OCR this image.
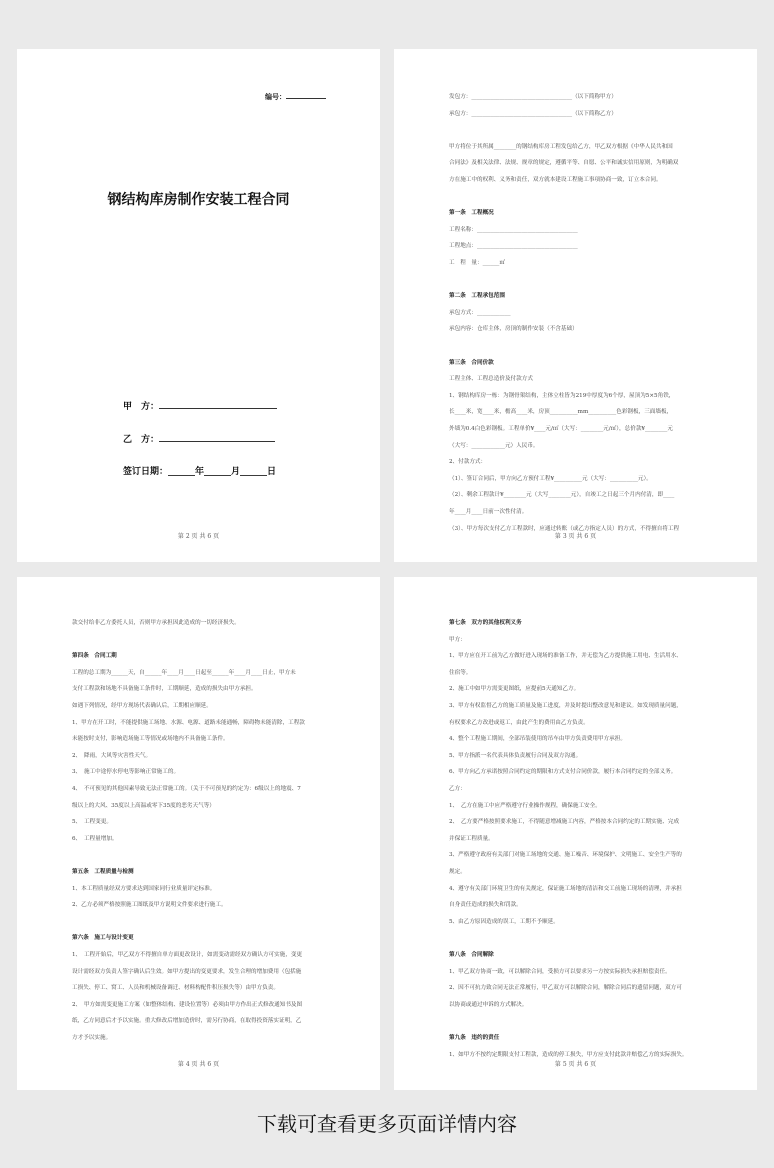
编号：
钢结构库房制作安装工程合同
甲　方：
乙　方：
签订日期：______年______月______日
第 2 页 共 6 页
发包方：____________________________________（以下简称甲方）
承包方：____________________________________（以下简称乙方）
甲方将位于其所属________的钢结构库房工程发包给乙方，甲乙双方根据《中华人民共和国
合同法》及相关法律、法规、规章的规定，遵循平等、自愿、公平和诚实信用原则，为明确双
方在施工中的权利、义务和责任，双方就本建设工程施工事项协商一致，订立本合同。
第一条　工程概况
工程名称：____________________________________
工程地点：____________________________________
工　程　量：______㎡
第二条　工程承包范围
承包方式：____________
承包内容：仓库主体，房顶的制作安装（不含基础）
第三条　合同价款
工程主体、工程总造价及付款方式
1、钢结构库房一栋：为钢骨架结构，主体立柱皆为219中厚度为6个厚，屋顶为5×5角铁，
长____米，宽____米，檐高____米，房顶__________mm__________色彩钢板，三面墙板，
外墙为0.4白色彩钢板。工程单价¥____元/㎡（大写：________元/㎡），总价款¥________元
（大写：____________元）人民币。
2、付款方式：
（1）、签订合同后，甲方向乙方预付工程¥__________元（大写：__________元）。
（2）、剩余工程款计¥________元（大写________元），自竣工之日起三个月内付清，即____
年____月____日前一次性付清。
（3）、甲方每次支付乙方工程款时，应通过转账（或乙方指定人员）的方式，不得擅自将工程
第 3 页 共 6 页
款交付给非乙方委托人员，否则甲方承担因此造成的一切经济损失。
第四条　合同工期
工程的总工期为______天，自______年____月____日起至______年____月____日止，甲方未
支付工程款和场地不具备施工条件时，工期顺延，造成的损失由甲方承担。
如遇下列情况，经甲方现场代表确认后，工期相应顺延。
1、甲方在开工时，不能提供施工场地、水源、电源、道路未能通畅，障碍物未能清除，工程款
未能按时支付，影响造场施工等情况或场地内不具备施工条件。
2、　降雨，大风等灾害性天气。
3、　施工中途停水停电等影响正常施工的。
4、　不可预见的其他因素导致无法正常施工的。（关于不可预见的约定为：6级以上的地震、7
级以上的大风、35度以上高温或零下35度的恶劣天气等）
5、　工程变更。
6、　工程量增加。
第五条　工程质量与检测
1、本工程质量经双方要求达到国家同行业质量评定标准。
2、乙方必须严格按照施工图纸及甲方说明文件要求进行施工。
第六条　施工与设计变更
1、　工程开始后，甲乙双方不得擅自单方面更改设计，如需变动需经双方确认方可实施，变更
设计需经双方负责人签字确认后生效。如甲方提出的变更要求，发生合理的增加费用（包括施
工损失、停工、窝工、人员和机械设备调迁、材料构配件积压损失等）由甲方负责。
2、　甲方如需变更施工方案（如整体结构、建设位置等）必须由甲方作出正式修改通知书及图
纸，乙方同意后才予以实施。重大修改后增加造价时，需另行协商，在取得投资落实证明，乙
方才予以实施。
第 4 页 共 6 页
第七条　双方的其他权利义务
甲方：
1、甲方应在开工前为乙方做好进入现场的准备工作，并无偿为乙方提供施工用电、生活用水、
住宿等。
2、施工中如甲方需变更图纸，应提前5天通知乙方。
3、甲方有权监督乙方的施工质量及施工进度，并及时提出整改意见和建议。如发现质量问题，
有权要求乙方改进或返工，由此产生的费用由乙方负责。
4、整个工程施工期间，全部吊装使用的吊车由甲方负责费用甲方承担。
5、甲方指派一名代表具体负责履行合同及双方沟通。
6、甲方向乙方承诺按照合同约定的期限和方式支付合同价款，履行本合同约定的全部义务。
乙方：
1、　乙方在施工中应严格遵守行业操作规程，确保施工安全。
2、　乙方要严格按照要求施工，不得随意增减施工内容，严格按本合同约定的工期实施、完成
并保证工程质量。
3、严格遵守政府有关部门对施工场地的交通、施工噪音、环境保护、文明施工、安全生产等的
规定。
4、遵守有关部门环境卫生的有关规定，保证施工场地的清洁和交工前施工现场的清理，并承担
自身责任造成的损失和罚款。
5、由乙方原因造成的误工，工期不予顺延。
第八条　合同解除
1、甲乙双方协商一致，可以解除合同，受损方可以要求另一方按实际损失承担赔偿责任。
2、因不可抗力致合同无法正常履行，甲乙双方可以解除合同，解除合同后的遗留问题，双方可
以协商或通过申诉的方式解决。
第九条　违约的责任
1、如甲方不按约定期限支付工程款，造成的停工损失，甲方应支付此款并赔偿乙方的实际损失。
第 5 页 共 6 页
下载可查看更多页面详情内容
